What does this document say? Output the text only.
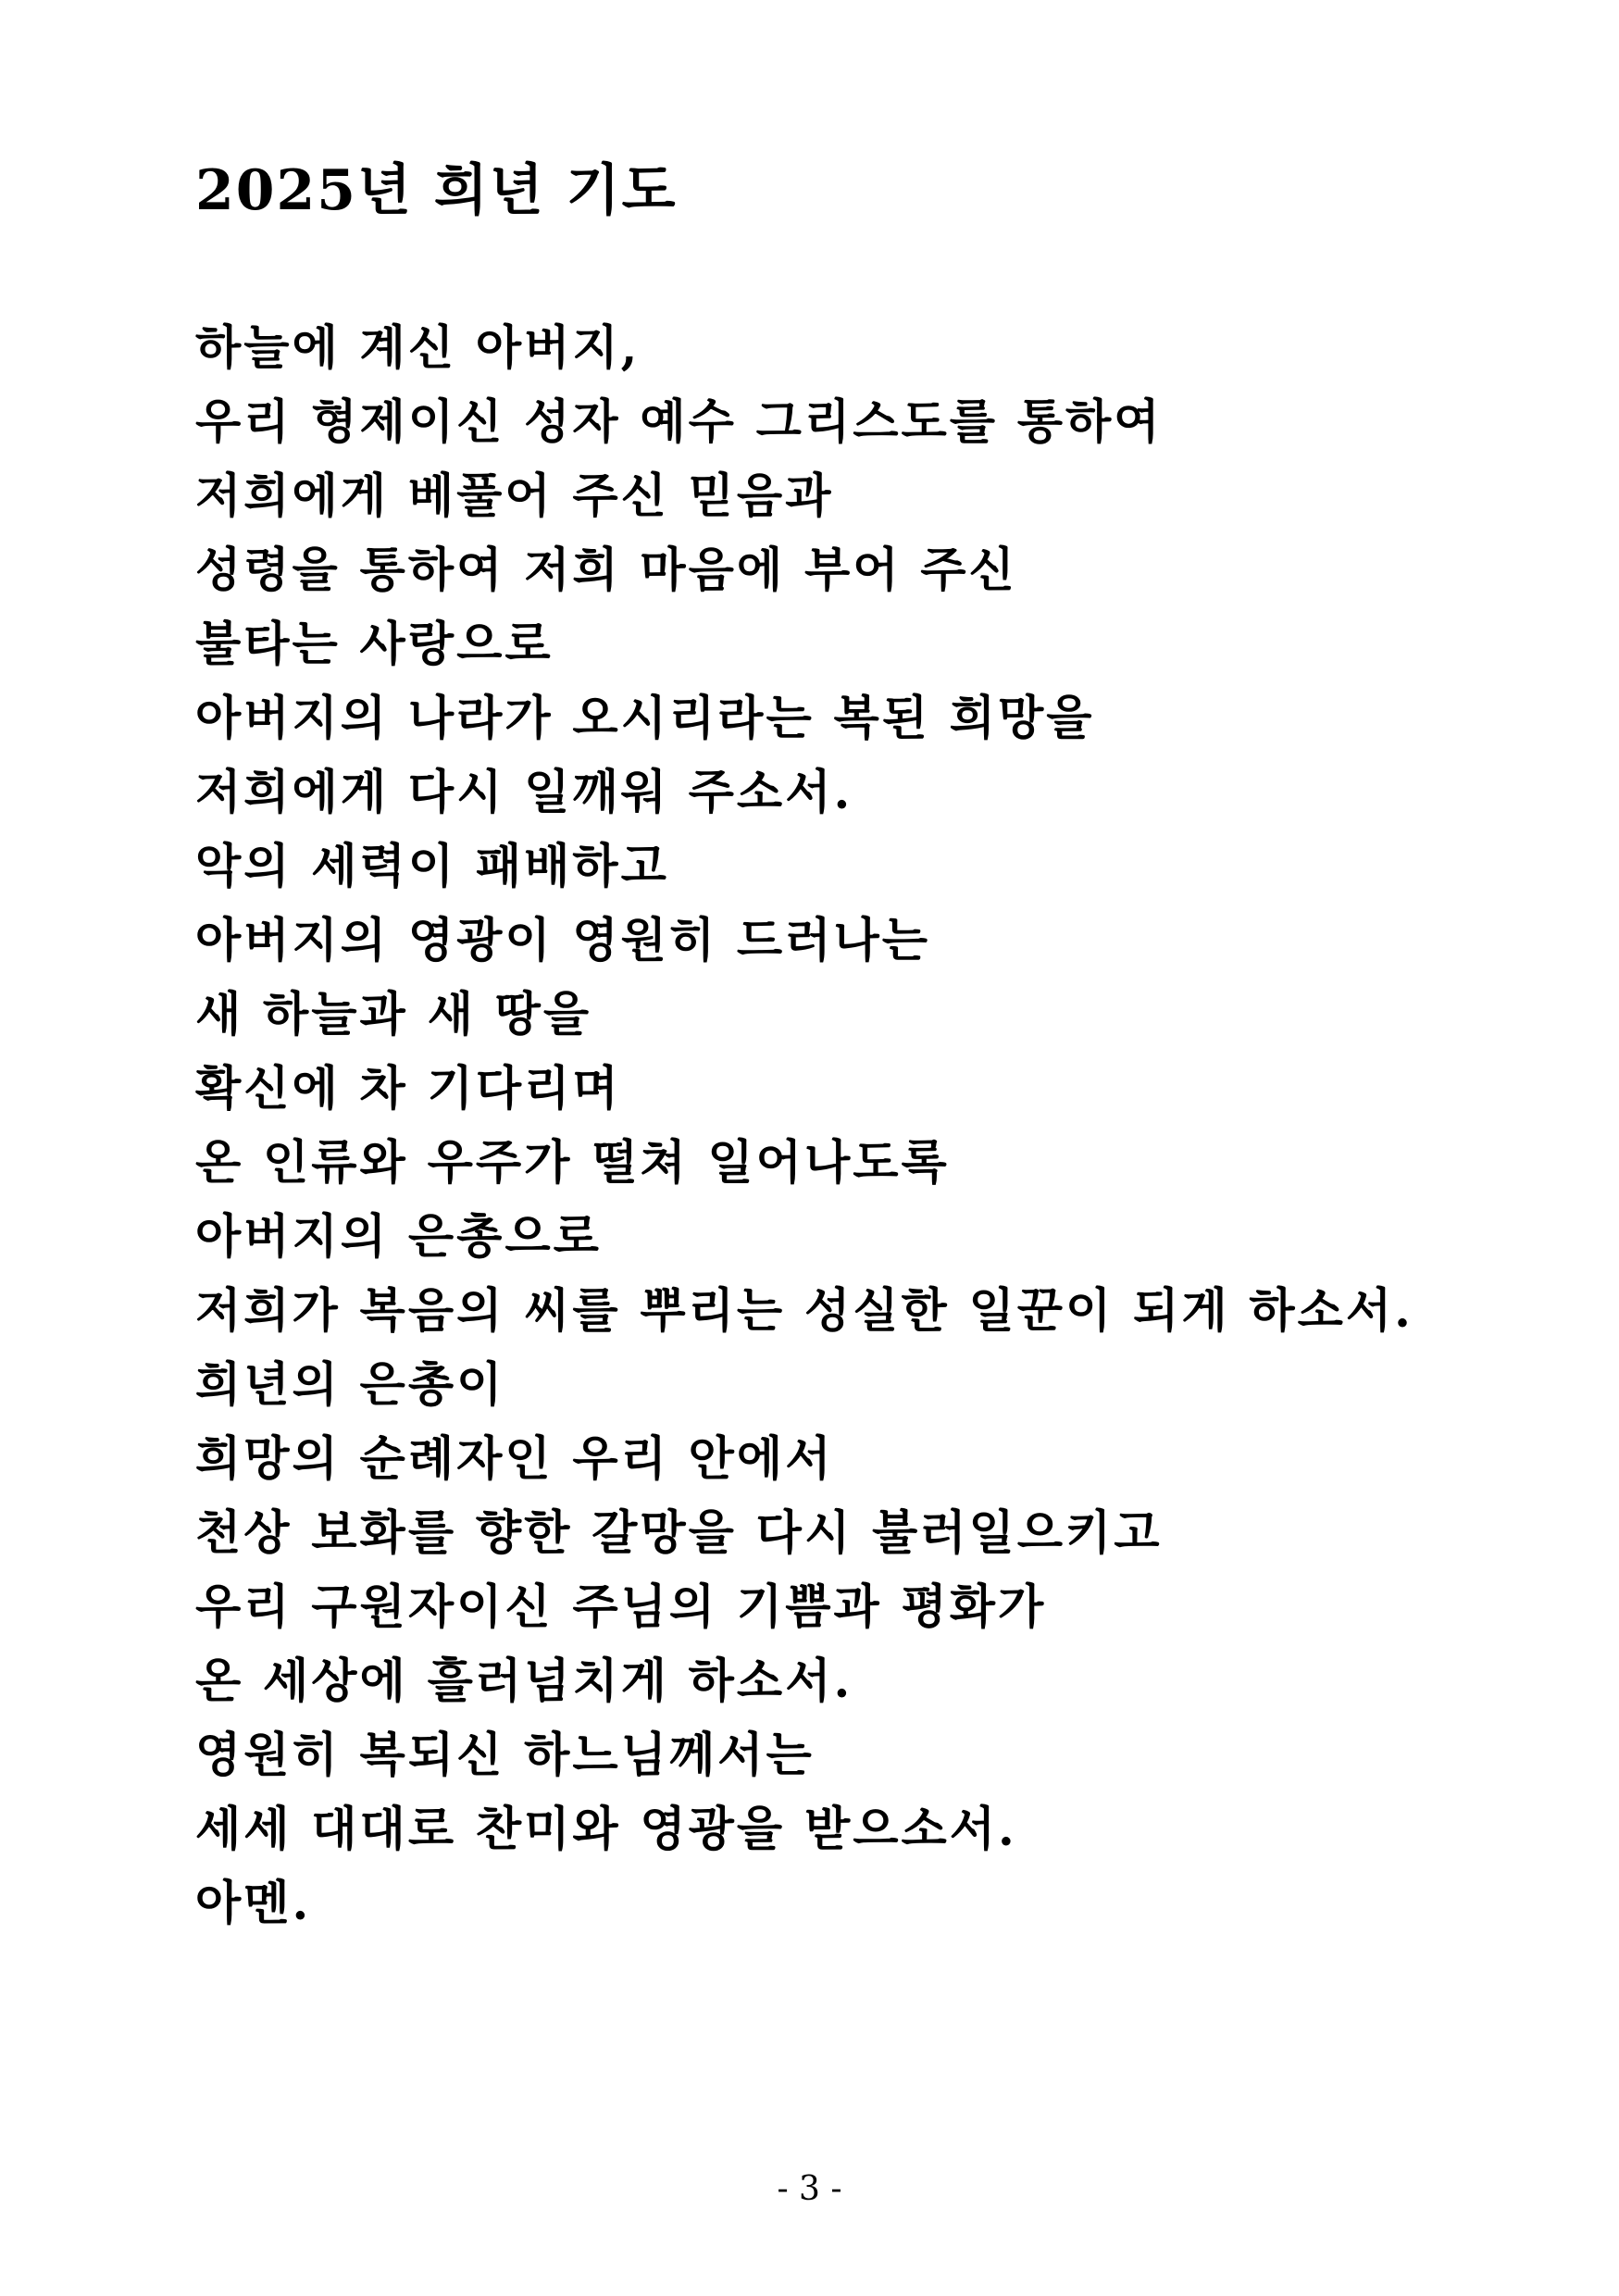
2025년 희년 기도
하늘에 계신 아버지,
우리 형제이신 성자 예수 그리스도를 통하여
저희에게 베풀어 주신 믿음과
성령을 통하여 저희 마음에 부어 주신
불타는 사랑으로
아버지의 나라가 오시리라는 복된 희망을
저희에게 다시 일깨워 주소서.
악의 세력이 패배하고
아버지의 영광이 영원히 드러나는
새 하늘과 새 땅을
확신에 차 기다리며
온 인류와 우주가 떨쳐 일어나도록
아버지의 은총으로
저희가 복음의 씨를 뿌리는 성실한 일꾼이 되게 하소서.
희년의 은총이
희망의 순례자인 우리 안에서
천상 보화를 향한 갈망을 다시 불러일으키고
우리 구원자이신 주님의 기쁨과 평화가
온 세상에 흘러넘치게 하소서.
영원히 복되신 하느님께서는
세세 대대로 찬미와 영광을 받으소서.
아멘.
- 3 -
